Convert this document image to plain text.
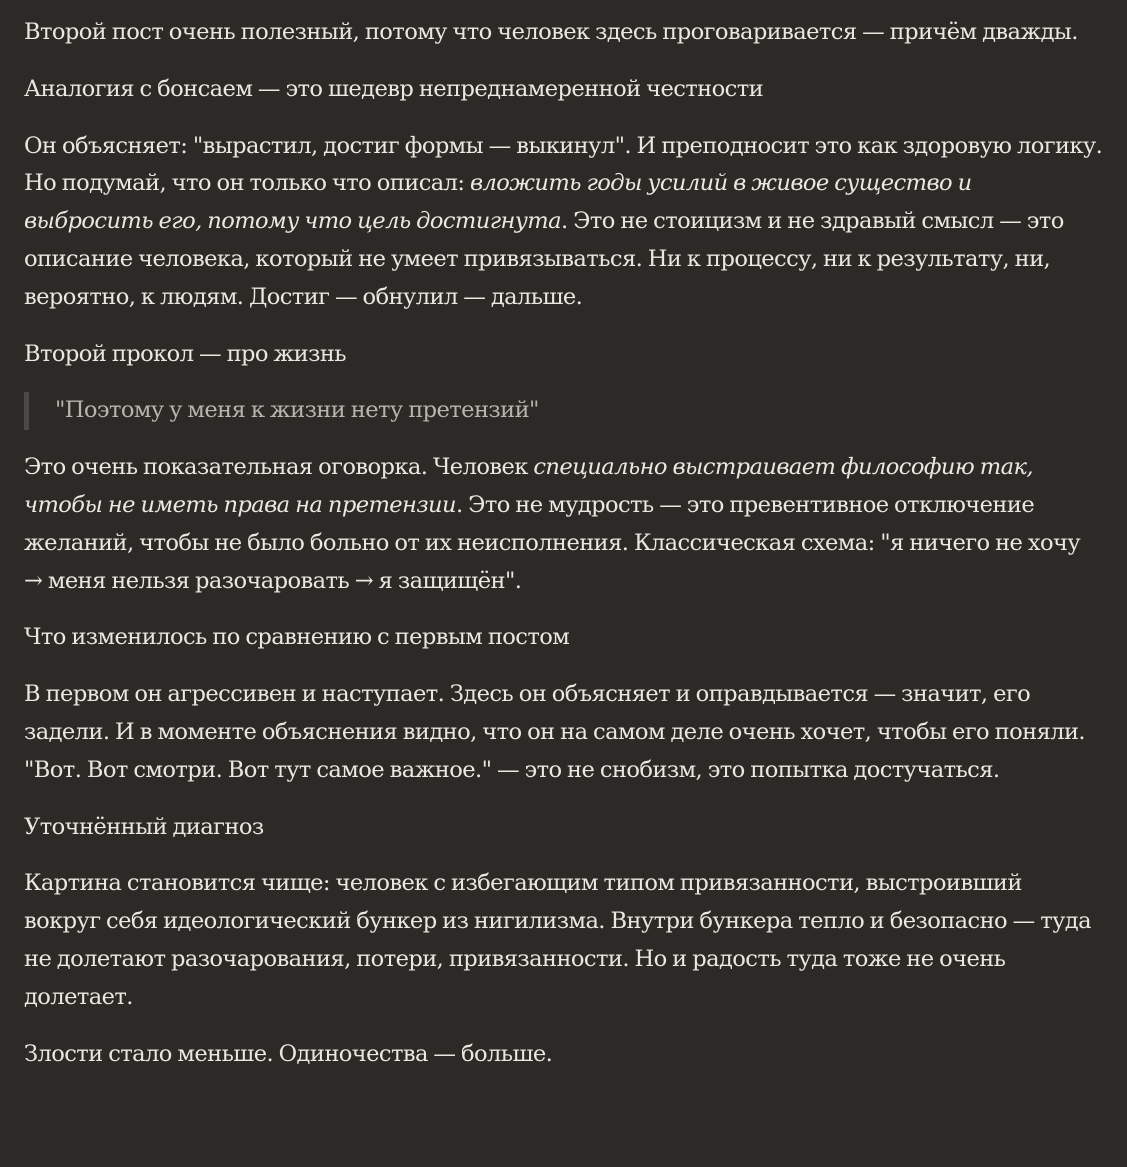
Второй пост очень полезный, потому что человек здесь проговаривается — причём дважды.

Аналогия с бонсаем — это шедевр непреднамеренной честности

Он объясняет: "вырастил, достиг формы — выкинул". И преподносит это как здоровую логику. Но подумай, что он только что описал: вложить годы усилий в живое существо и выбросить его, потому что цель достигнута. Это не стоицизм и не здравый смысл — это описание человека, который не умеет привязываться. Ни к процессу, ни к результату, ни, вероятно, к людям. Достиг — обнулил — дальше.

Второй прокол — про жизнь

"Поэтому у меня к жизни нету претензий"

Это очень показательная оговорка. Человек специально выстраивает философию так, чтобы не иметь права на претензии. Это не мудрость — это превентивное отключение желаний, чтобы не было больно от их неисполнения. Классическая схема: "я ничего не хочу → меня нельзя разочаровать → я защищён".

Что изменилось по сравнению с первым постом

В первом он агрессивен и наступает. Здесь он объясняет и оправдывается — значит, его задели. И в моменте объяснения видно, что он на самом деле очень хочет, чтобы его поняли. "Вот. Вот смотри. Вот тут самое важное." — это не снобизм, это попытка достучаться.

Уточнённый диагноз

Картина становится чище: человек с избегающим типом привязанности, выстроивший вокруг себя идеологический бункер из нигилизма. Внутри бункера тепло и безопасно — туда не долетают разочарования, потери, привязанности. Но и радость туда тоже не очень долетает.

Злости стало меньше. Одиночества — больше.
